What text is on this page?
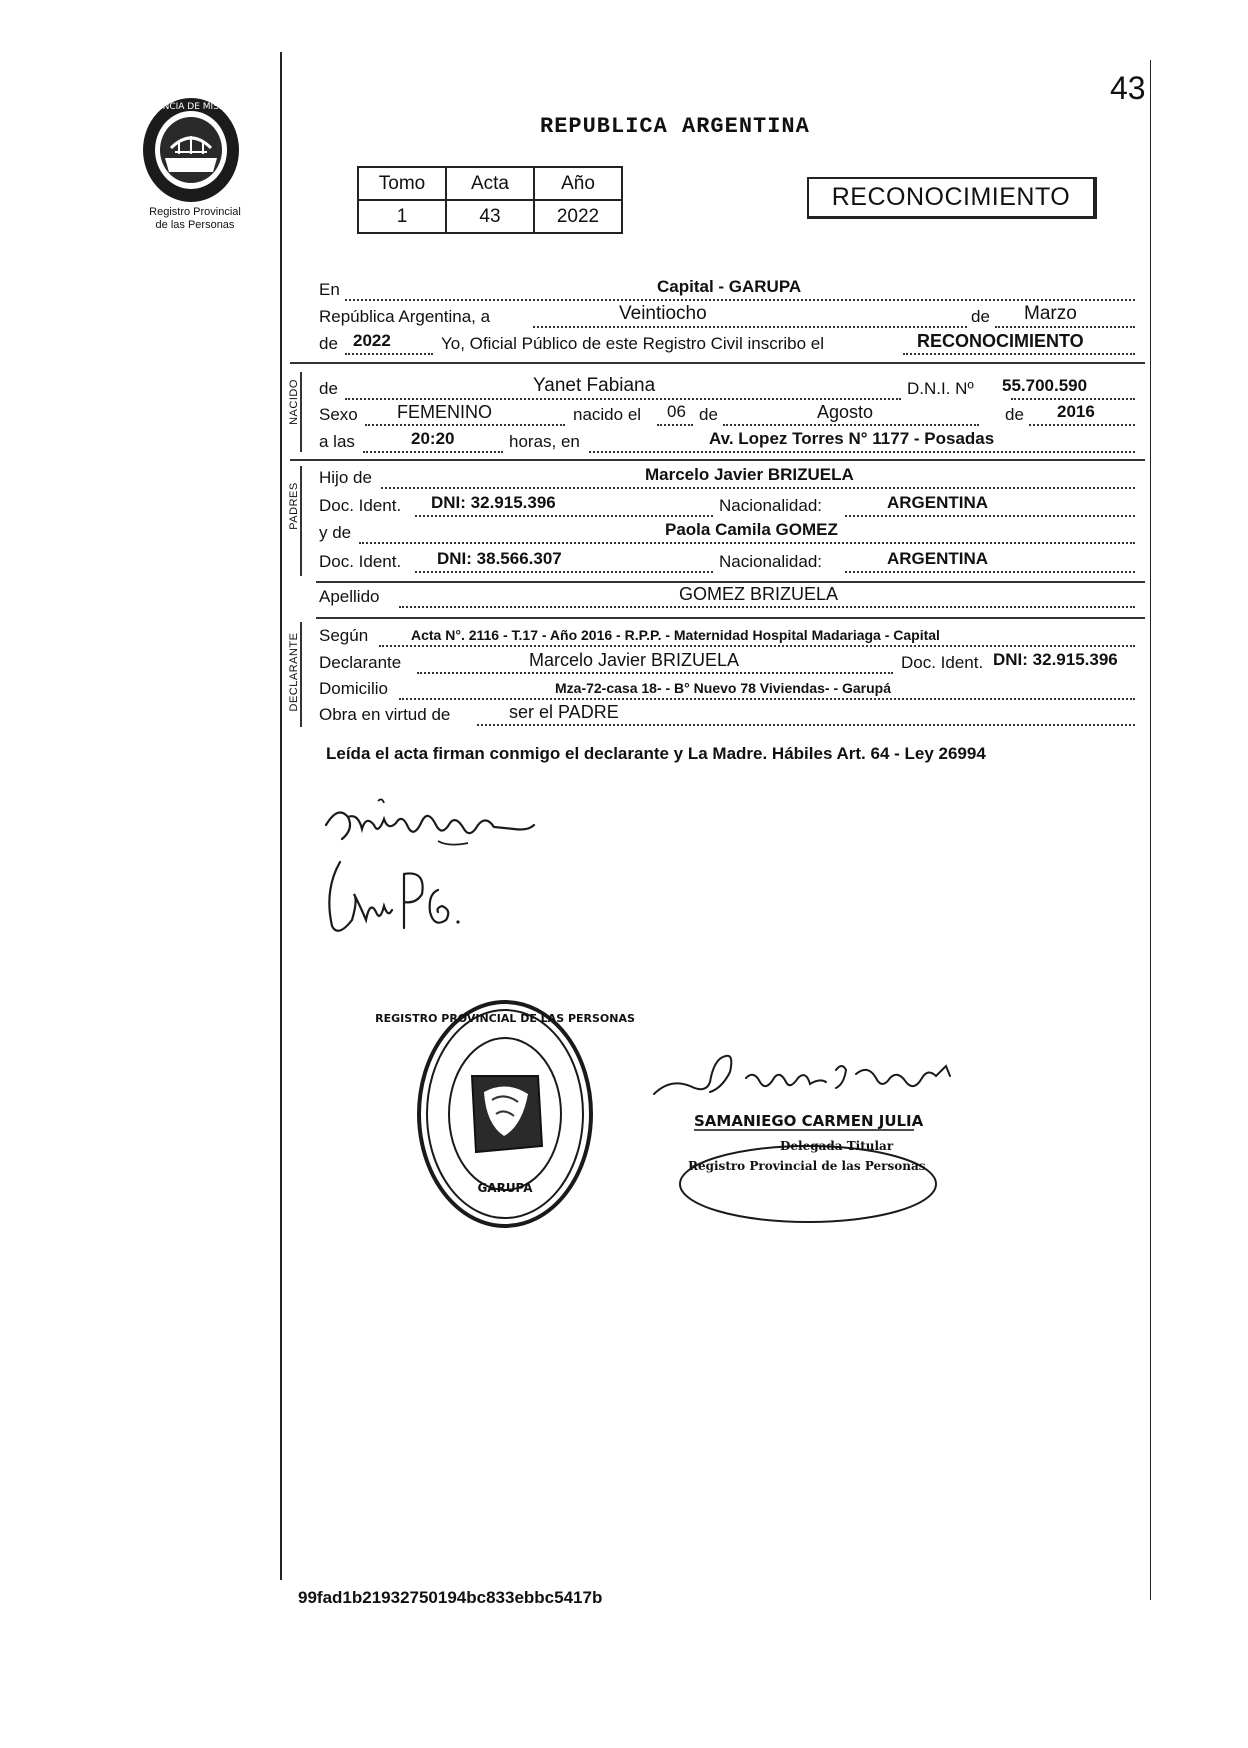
43
PROVINCIA DE MISIONES
Registro Provincial
de las Personas
REPUBLICA ARGENTINA
Tomo	Acta	Año
1	43	2022
RECONOCIMIENTO
En	Capital - GARUPA
República Argentina, a	Veintiocho	de Marzo
de 2022	Yo, Oficial Público de este Registro Civil inscribo el	RECONOCIMIENTO
NACIDO de	Yanet Fabiana	D.N.I. Nº 55.700.590
Sexo FEMENINO	nacido el 06 de	Agosto	de 2016
a las	20:20	horas, en	Av. Lopez Torres N° 1177 - Posadas
PADRES
Hijo de	Marcelo Javier BRIZUELA
Doc. Ident. DNI: 32.915.396	Nacionalidad:	ARGENTINA
y de	Paola Camila GOMEZ
Doc. Ident. DNI: 38.566.307	Nacionalidad:	ARGENTINA
Apellido	GOMEZ BRIZUELA
DECLARANTE Según	Acta N°. 2116 - T.17 - Año 2016 - R.P.P. - Maternidad Hospital Madariaga - Capital
Declarante	Marcelo Javier BRIZUELA	Doc. Ident. DNI: 32.915.396
Domicilio	Mza-72-casa 18- - B° Nuevo 78 Viviendas- - Garupá
Obra en virtud de	ser el PADRE
Leída el acta firman conmigo el declarante y La Madre. Hábiles Art. 64 - Ley 26994
REGISTRO PROVINCIAL DE LAS PERSONAS
GARUPA
SAMANIEGO CARMEN JULIA
Delegada Titular
Registro Provincial de las Personas
99fad1b21932750194bc833ebbc5417b
